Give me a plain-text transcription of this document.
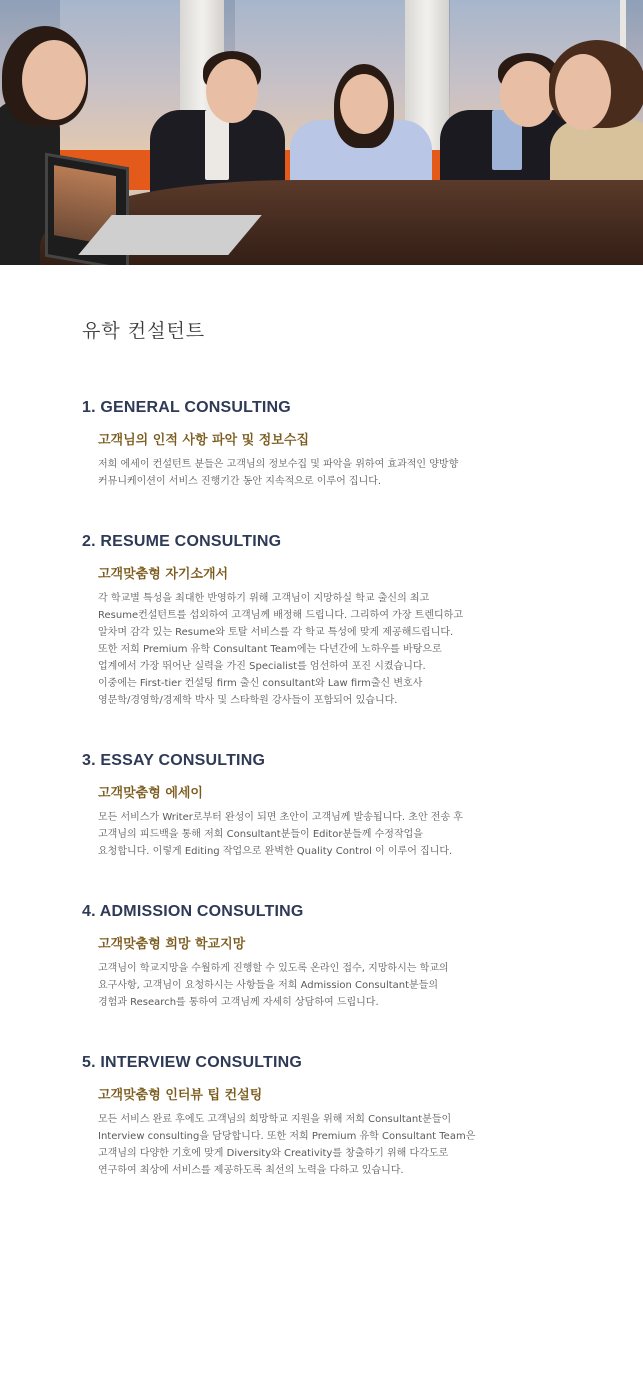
유학 컨설턴트
1. GENERAL CONSULTING
고객님의 인적 사항 파악 및 정보수집
저희 에세이 컨설턴트 분들은 고객님의 정보수집 및 파악을 위하여 효과적인 양방향
커뮤니케이션이 서비스 진행기간 동안 지속적으로 이루어 집니다.
2. RESUME CONSULTING
고객맞춤형 자기소개서
각 학교별 특성을 최대한 반영하기 위해 고객님이 지망하실 학교 출신의 최고
Resume컨설턴트를 섭외하여 고객님께 배정해 드립니다. 그리하여 가장 트렌디하고
알차며 감각 있는 Resume와 토탈 서비스를 각 학교 특성에 맞게 제공해드립니다.
또한 저희 Premium 유학 Consultant Team에는 다년간에 노하우를 바탕으로
업계에서 가장 뛰어난 실력을 가진 Specialist를 엄선하여 포진 시켰습니다.
이중에는 First-tier 컨설팅 firm 출신 consultant와 Law firm출신 변호사
영문학/경영학/경제학 박사 및 스타학원 강사들이 포함되어 있습니다.
3. ESSAY CONSULTING
고객맞춤형 에세이
모든 서비스가 Writer로부터 완성이 되면 초안이 고객님께 발송됩니다. 초안 전송 후
고객님의 피드백을 통해 저희 Consultant분들이 Editor분들께 수정작업을
요청합니다. 이렇게 Editing 작업으로 완벽한 Quality Control 이 이루어 집니다.
4. ADMISSION CONSULTING
고객맞춤형 희망 학교지망
고객님이 학교지망을 수월하게 진행할 수 있도록 온라인 접수, 지망하시는 학교의
요구사항, 고객님이 요청하시는 사항들을 저희 Admission Consultant분들의
경험과 Research를 통하여 고객님께 자세히 상담하여 드립니다.
5. INTERVIEW CONSULTING
고객맞춤형 인터뷰 팁 컨설팅
모든 서비스 완료 후에도 고객님의 희망학교 지원을 위해 저희 Consultant분들이
Interview consulting을 담당합니다. 또한 저희 Premium 유학 Consultant Team은
고객님의 다양한 기호에 맞게 Diversity와 Creativity를 창출하기 위해 다각도로
연구하여 최상에 서비스를 제공하도록 최선의 노력을 다하고 있습니다.
